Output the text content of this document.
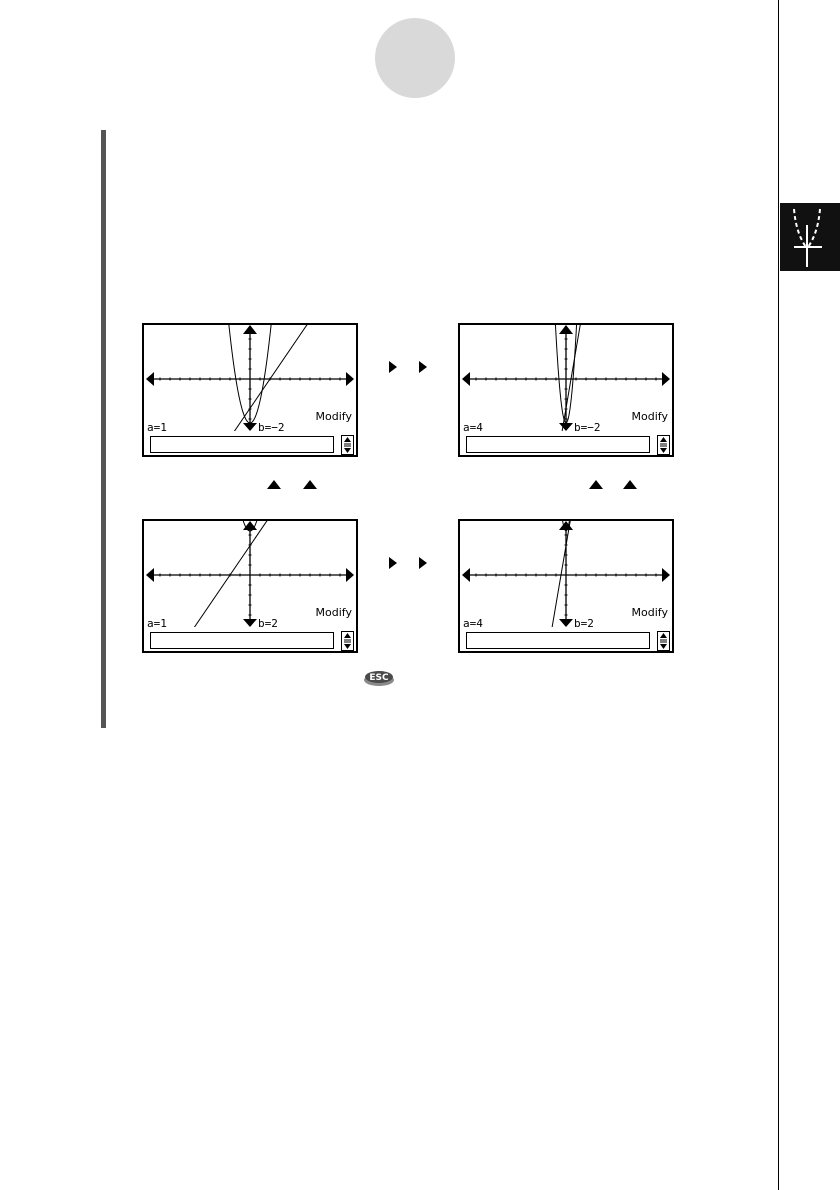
Modify
a=1	b=−2
Modify
a=4	b=−2
Modify
a=1	b=2
Modify
a=4	b=2
ESC
